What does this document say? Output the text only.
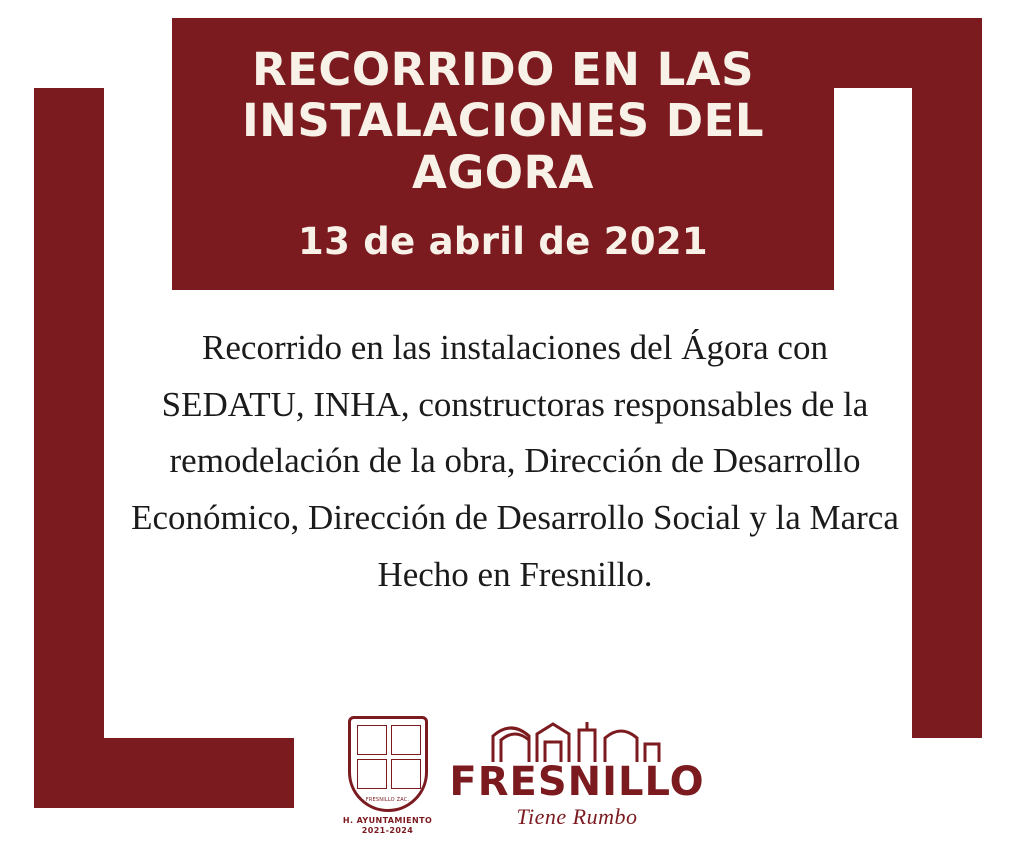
RECORRIDO EN LAS
INSTALACIONES DEL
AGORA
13 de abril de 2021
Recorrido en las instalaciones del Ágora con SEDATU, INHA, constructoras responsables de la remodelación de la obra, Dirección de Desarrollo Económico, Dirección de Desarrollo Social y la Marca Hecho en Fresnillo.
FRESNILLO ZAC.
H. AYUNTAMIENTO
2021-2024
FRESNILLO
Tiene Rumbo
